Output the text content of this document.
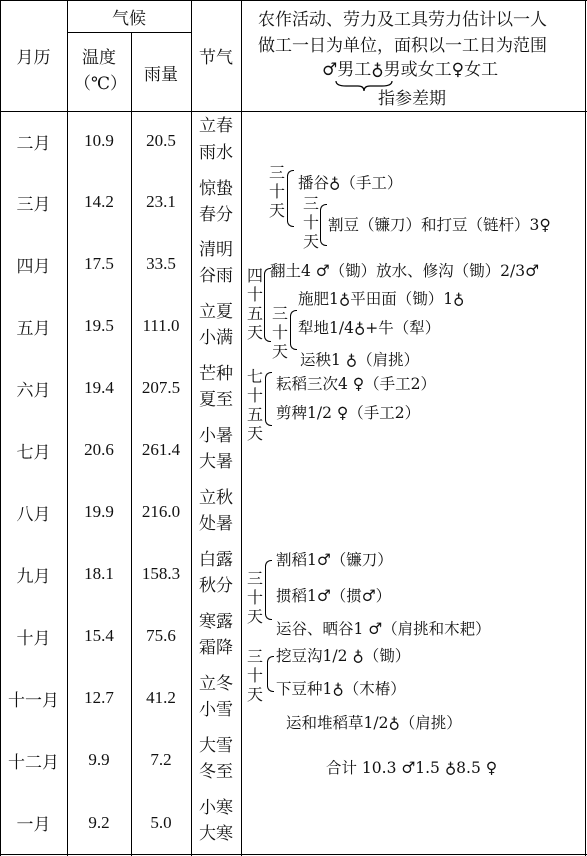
气候
月历	温度
（℃） 雨量
节气
农作活动、劳力及工具劳力估计以一人
做工一日为单位，面积以一工日为范围
♂男工♁男或女工♀女工
指参差期
二月
三月
四月
五月
六月
七月
八月
九月
十月
十一月
十二月
一月
10.9
14.2
17.5
19.5
19.4
20.6
19.9
18.1
15.4
12.7
9.9
9.2
20.5
23.1
33.5
111.0
207.5
261.4
216.0
158.3
75.6
41.2
7.2
5.0
立春
雨水
惊蛰
春分
清明
谷雨
立夏
小满
芒种
夏至
小暑
大暑
立秋
处暑
白露
秋分
寒露
霜降
立冬
小雪
大雪
冬至
小寒
大寒
三
十
天
播谷♁（手工）
三
十
天
割豆（镰刀）和打豆（链杆）3♀
四
十
五
天
翻土4 ♂（锄）放水、修沟（锄）2/3♂
施肥1♁平田面（锄）1♁
三
十
天
犁地1/4♁+牛（犁）
运秧1 ♁（肩挑）
七
十
五
天
耘稻三次4 ♀（手工2）
剪稗1/2 ♀（手工2）
三
十
天
割稻1♂（镰刀）
掼稻1♂（掼♂）
运谷、晒谷1 ♂（肩挑和木耙）
三
十
天
挖豆沟1/2 ♁（锄）
下豆种1♁（木椿）
运和堆稻草1/2♁（肩挑）
合计 10.3 ♂1.5 ♁8.5 ♀
